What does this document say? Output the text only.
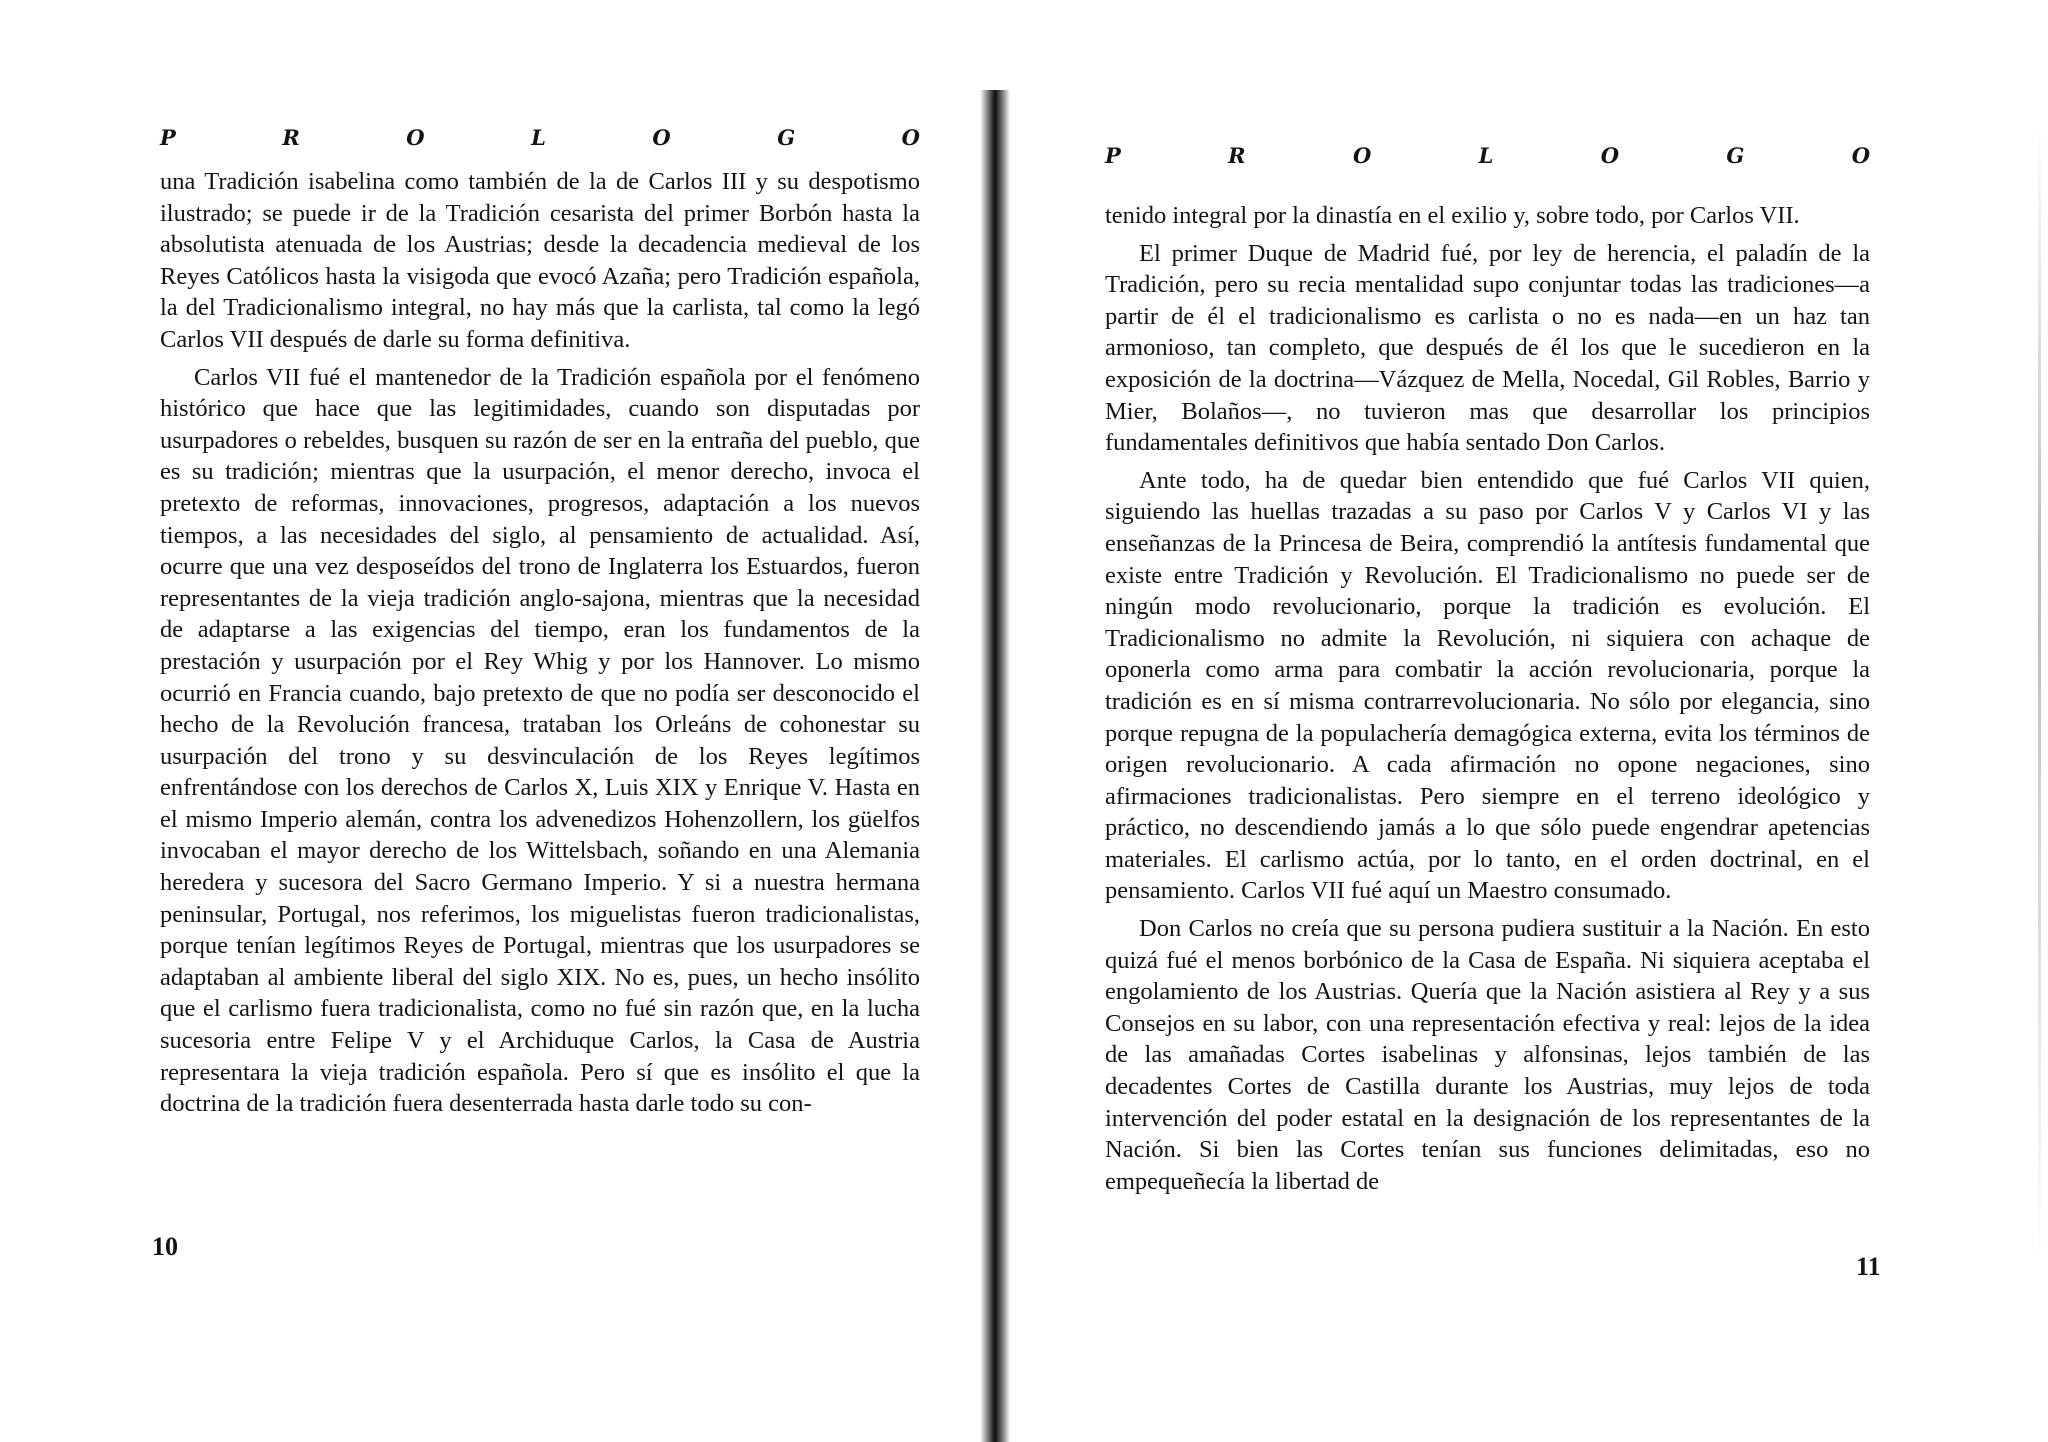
P	R	O	L	O	G	O

una Tradición isabelina como también de la de Carlos III y su despotismo ilustrado; se puede ir de la Tradición cesarista del primer Borbón hasta la absolutista atenuada de los Austrias; desde la decadencia medieval de los Reyes Católicos hasta la visigoda que evocó Azaña; pero Tradición española, la del Tradicionalismo integral, no hay más que la carlista, tal como la legó Carlos VII después de darle su forma definitiva.

Carlos VII fué el mantenedor de la Tradición española por el fenómeno histórico que hace que las legitimidades, cuando son disputadas por usurpadores o rebeldes, busquen su razón de ser en la entraña del pueblo, que es su tradición; mientras que la usurpación, el menor derecho, invoca el pretexto de reformas, innovaciones, progresos, adaptación a los nuevos tiempos, a las necesidades del siglo, al pensamiento de actualidad. Así, ocurre que una vez desposeídos del trono de Inglaterra los Estuardos, fueron representantes de la vieja tradición anglo-sajona, mientras que la necesidad de adaptarse a las exigencias del tiempo, eran los fundamentos de la prestación y usurpación por el Rey Whig y por los Hannover. Lo mismo ocurrió en Francia cuando, bajo pretexto de que no podía ser desconocido el hecho de la Revolución francesa, trataban los Orleáns de cohonestar su usurpación del trono y su desvinculación de los Reyes legítimos enfrentándose con los derechos de Carlos X, Luis XIX y Enrique V. Hasta en el mismo Imperio alemán, contra los advenedizos Hohenzollern, los güelfos invocaban el mayor derecho de los Wittelsbach, soñando en una Alemania heredera y sucesora del Sacro Germano Imperio. Y si a nuestra hermana peninsular, Portugal, nos referimos, los miguelistas fueron tradicionalistas, porque tenían legítimos Reyes de Portugal, mientras que los usurpadores se adaptaban al ambiente liberal del siglo XIX. No es, pues, un hecho insólito que el carlismo fuera tradicionalista, como no fué sin razón que, en la lucha sucesoria entre Felipe V y el Archiduque Carlos, la Casa de Austria representara la vieja tradición española. Pero sí que es insólito el que la doctrina de la tradición fuera desenterrada hasta darle todo su con-

10
P	R	O	L	O	G	O

tenido integral por la dinastía en el exilio y, sobre todo, por Carlos VII.

El primer Duque de Madrid fué, por ley de herencia, el paladín de la Tradición, pero su recia mentalidad supo conjuntar todas las tradiciones—a partir de él el tradicionalismo es carlista o no es nada—en un haz tan armonioso, tan completo, que después de él los que le sucedieron en la exposición de la doctrina—Vázquez de Mella, Nocedal, Gil Robles, Barrio y Mier, Bolaños—, no tuvieron mas que desarrollar los principios fundamentales definitivos que había sentado Don Carlos.

Ante todo, ha de quedar bien entendido que fué Carlos VII quien, siguiendo las huellas trazadas a su paso por Carlos V y Carlos VI y las enseñanzas de la Princesa de Beira, comprendió la antítesis fundamental que existe entre Tradición y Revolución. El Tradicionalismo no puede ser de ningún modo revolucionario, porque la tradición es evolución. El Tradicionalismo no admite la Revolución, ni siquiera con achaque de oponerla como arma para combatir la acción revolucionaria, porque la tradición es en sí misma contrarrevolucionaria. No sólo por elegancia, sino porque repugna de la populachería demagógica externa, evita los términos de origen revolucionario. A cada afirmación no opone negaciones, sino afirmaciones tradicionalistas. Pero siempre en el terreno ideológico y práctico, no descendiendo jamás a lo que sólo puede engendrar apetencias materiales. El carlismo actúa, por lo tanto, en el orden doctrinal, en el pensamiento. Carlos VII fué aquí un Maestro consumado.

Don Carlos no creía que su persona pudiera sustituir a la Nación. En esto quizá fué el menos borbónico de la Casa de España. Ni siquiera aceptaba el engolamiento de los Austrias. Quería que la Nación asistiera al Rey y a sus Consejos en su labor, con una representación efectiva y real: lejos de la idea de las amañadas Cortes isabelinas y alfonsinas, lejos también de las decadentes Cortes de Castilla durante los Austrias, muy lejos de toda intervención del poder estatal en la designación de los representantes de la Nación. Si bien las Cortes tenían sus funciones delimitadas, eso no empequeñecía la libertad de

11
